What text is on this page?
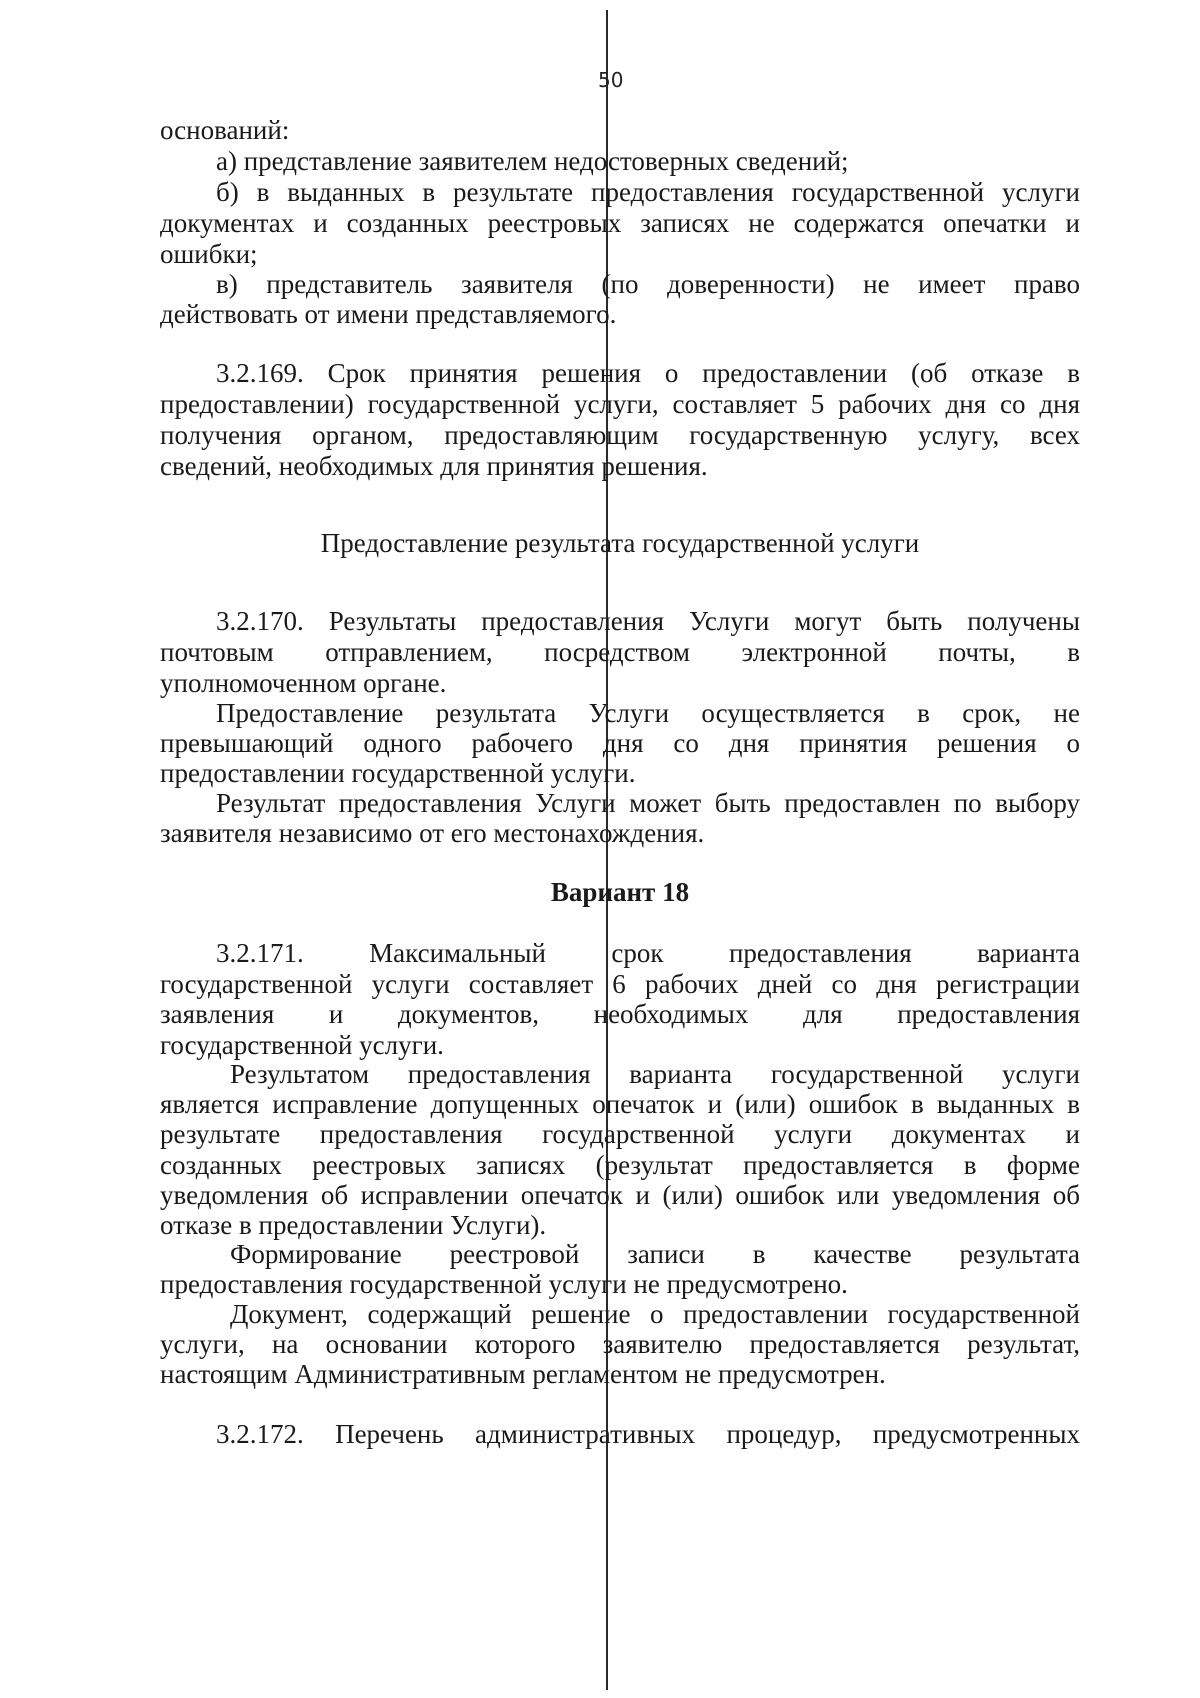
50
оснований:
а) представление заявителем недостоверных сведений;
б) в выданных в результате предоставления государственной услуги
документах и созданных реестровых записях не содержатся опечатки и
ошибки;
в) представитель заявителя (по доверенности) не имеет право
действовать от имени представляемого.
3.2.169. Срок принятия решения о предоставлении (об отказе в
предоставлении) государственной услуги, составляет 5 рабочих дня со дня
получения органом, предоставляющим государственную услугу, всех
сведений, необходимых для принятия решения.
Предоставление результата государственной услуги
3.2.170. Результаты предоставления Услуги могут быть получены
почтовым отправлением, посредством электронной почты, в
уполномоченном органе.
Предоставление результата Услуги осуществляется в срок, не
превышающий одного рабочего дня со дня принятия решения о
предоставлении государственной услуги.
Результат предоставления Услуги может быть предоставлен по выбору
заявителя независимо от его местонахождения.
Вариант 18
3.2.171. Максимальный срок предоставления варианта
государственной услуги составляет 6 рабочих дней со дня регистрации
заявления и документов, необходимых для предоставления
государственной услуги.
Результатом предоставления варианта государственной услуги
является исправление допущенных опечаток и (или) ошибок в выданных в
результате предоставления государственной услуги документах и
созданных реестровых записях (результат предоставляется в форме
уведомления об исправлении опечаток и (или) ошибок или уведомления об
отказе в предоставлении Услуги).
Формирование реестровой записи в качестве результата
предоставления государственной услуги не предусмотрено.
Документ, содержащий решение о предоставлении государственной
услуги, на основании которого заявителю предоставляется результат,
настоящим Административным регламентом не предусмотрен.
3.2.172. Перечень административных процедур, предусмотренных
